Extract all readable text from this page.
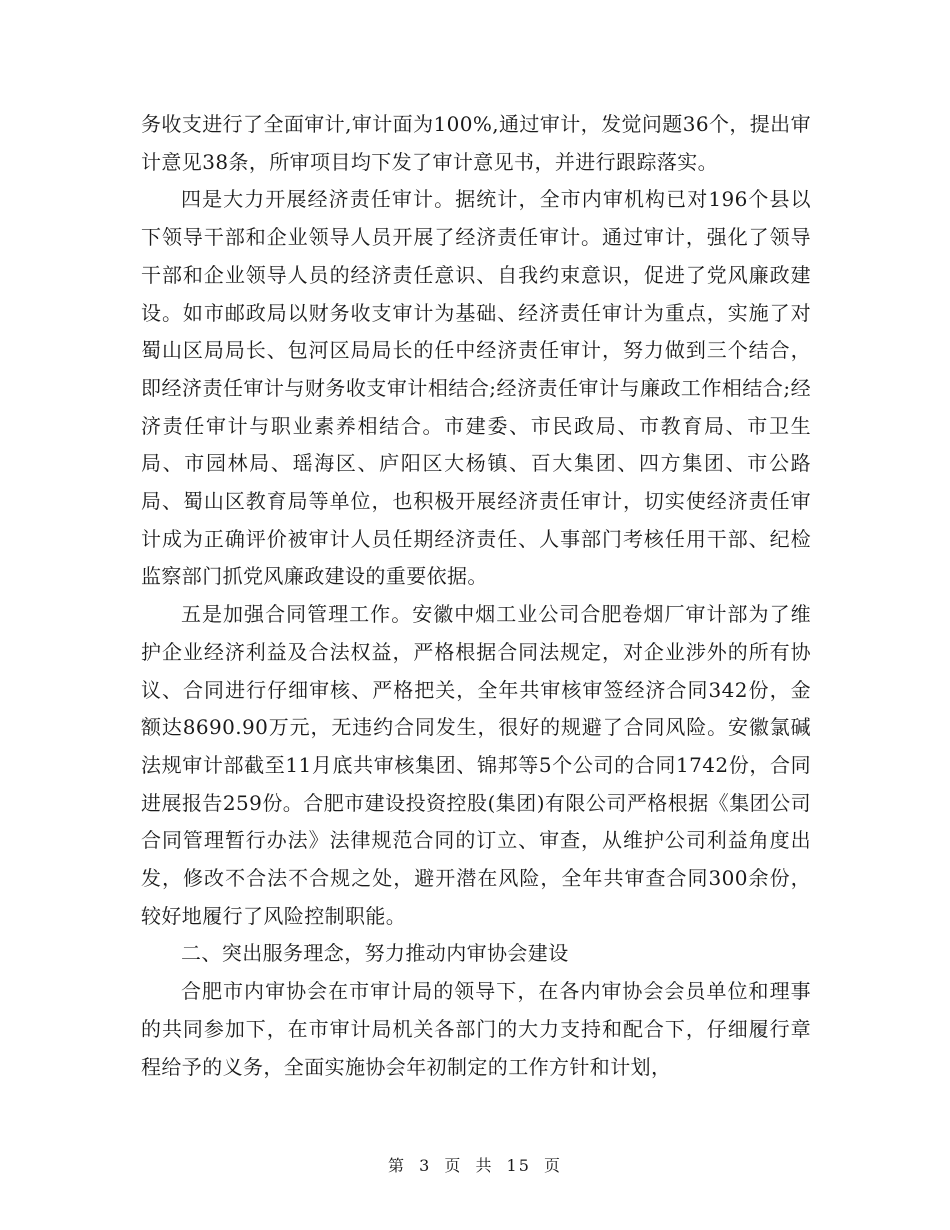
务收支进行了全面审计,审计面为100%,通过审计，发觉问题36个，提出审计意见38条，所审项目均下发了审计意见书，并进行跟踪落实。

四是大力开展经济责任审计。据统计，全市内审机构已对196个县以下领导干部和企业领导人员开展了经济责任审计。通过审计，强化了领导干部和企业领导人员的经济责任意识、自我约束意识，促进了党风廉政建设。如市邮政局以财务收支审计为基础、经济责任审计为重点，实施了对蜀山区局局长、包河区局局长的任中经济责任审计，努力做到三个结合，即经济责任审计与财务收支审计相结合;经济责任审计与廉政工作相结合;经济责任审计与职业素养相结合。市建委、市民政局、市教育局、市卫生局、市园林局、瑶海区、庐阳区大杨镇、百大集团、四方集团、市公路局、蜀山区教育局等单位，也积极开展经济责任审计，切实使经济责任审计成为正确评价被审计人员任期经济责任、人事部门考核任用干部、纪检监察部门抓党风廉政建设的重要依据。

五是加强合同管理工作。安徽中烟工业公司合肥卷烟厂审计部为了维护企业经济利益及合法权益，严格根据合同法规定，对企业涉外的所有协议、合同进行仔细审核、严格把关，全年共审核审签经济合同342份，金额达8690.90万元，无违约合同发生，很好的规避了合同风险。安徽氯碱法规审计部截至11月底共审核集团、锦邦等5个公司的合同1742份，合同进展报告259份。合肥市建设投资控股(集团)有限公司严格根据《集团公司合同管理暂行办法》法律规范合同的订立、审查，从维护公司利益角度出发，修改不合法不合规之处，避开潜在风险，全年共审查合同300余份，较好地履行了风险控制职能。

二、突出服务理念，努力推动内审协会建设

合肥市内审协会在市审计局的领导下，在各内审协会会员单位和理事的共同参加下，在市审计局机关各部门的大力支持和配合下，仔细履行章程给予的义务，全面实施协会年初制定的工作方针和计划，

第 3 页 共 15 页
